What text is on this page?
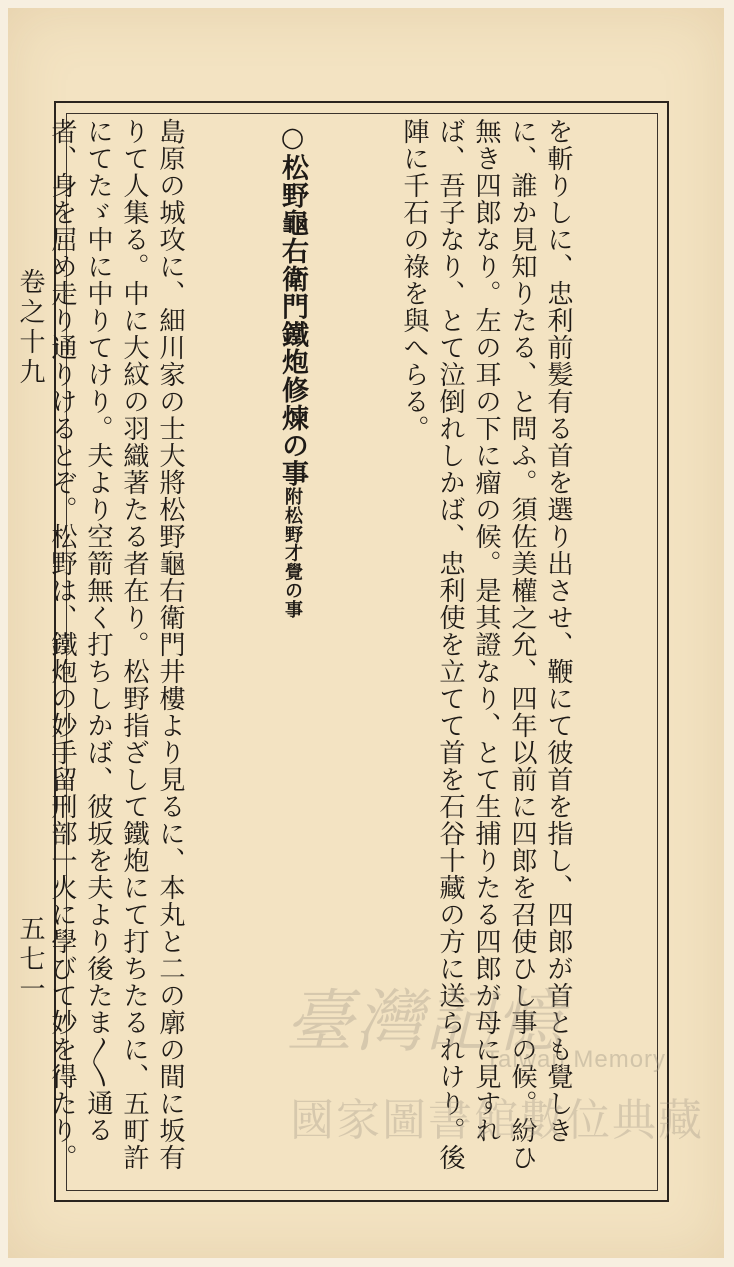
卷之十九
五七一

	を斬りしに、忠利前髪有る首を選り出させ、鞭にて彼首を指し、四郎が首とも覺しきに、誰か見知りたる、と問ふ。須佐美權之允、四年以前に四郎を召使ひし事の候。紛ひ無き四郎なり。左の耳の下に瘤の候。是其證なり、とて生捕りたる四郎が母に見すれば、吾子なり、とて泣倒れしかば、忠利使を立てて首を石谷十藏の方に送られけり。後陣に千石の祿を與へらる。

○松野龜右衛門鐵炮修煉の事附松野才覺の事

島原の城攻に、細川家の士大將松野龜右衛門井樓より見るに、本丸と二の廓の間に坂有りて人集る。中に大紋の羽織著たる者在り。松野指ざして鐵炮にて打ちたるに、五町許にてたゞ中に中りてけり。夫より空箭無く打ちしかば、彼坂を夫より後たま〳〵通る者、身を屈め走り通りけるとぞ。松野は、鐵炮の妙手留刑部一火に學びて妙を得たり。

	臺灣記憶
Taiwan Memory
國家圖書館數位典藏
